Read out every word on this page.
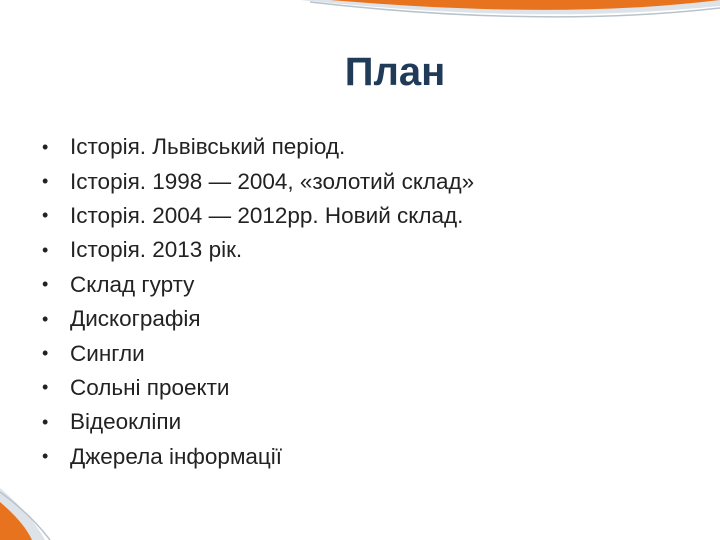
План
• Історія. Львівський період.
• Історія. 1998 — 2004, «золотий склад»
• Історія. 2004 — 2012рр. Новий склад.
• Історія. 2013 рік.
• Склад гурту
• Дискографія
• Сингли
• Сольні проекти
• Відеокліпи
• Джерела інформації
